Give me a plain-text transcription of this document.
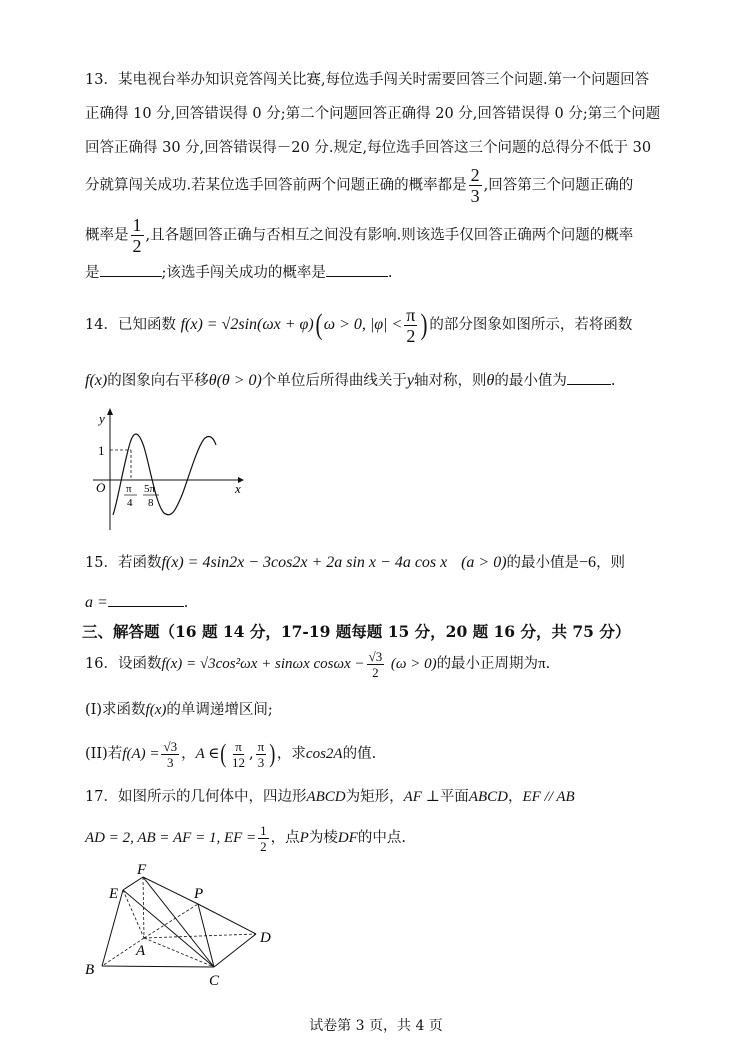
13．某电视台举办知识竞答闯关比赛,每位选手闯关时需要回答三个问题.第一个问题回答
正确得 10 分,回答错误得 0 分;第二个问题回答正确得 20 分,回答错误得 0 分;第三个问题
回答正确得 30 分,回答错误得－20 分.规定,每位选手回答这三个问题的总得分不低于 30
分就算闯关成功.若某位选手回答前两个问题正确的概率都是 $\frac{2}{3}$ ,回答第三个问题正确的
概率是 $\frac{1}{2}$ ,且各题回答正确与否相互之间没有影响.则该选手仅回答正确两个问题的概率
是	;该选手闯关成功的概率是	.
14．已知函数 f(x) = √2sin(ωx + φ)(ω > 0, $|\varphi| < \frac{\pi}{2}$ ) 的部分图象如图所示，若将函数
f(x)的图象向右平移θ(θ > 0)个单位后所得曲线关于y轴对称，则θ的最小值为	.
y
x
O
1
π
4
5π
8
15．若函数f(x) = 4sin2x − 3cos2x + 2a sin x − 4a cos x (a > 0)的最小值是−6，则
a =	.
三、解答题（16 题 14 分，17-19 题每题 15 分，20 题 16 分，共 75 分）
16．设函数f(x) = √3cos²ωx + sinωx $\cos\omega x - \frac{√3}{2} (\omega > 0)$的最小正周期为π.
(I)求函数f(x)的单调递增区间;
(II)若$f(A) = \frac{√3}{3}$ ，A ∈( $\frac{\pi}{12}$ , $\frac{\pi}{3}$ )，求cos2A的值.
17．如图所示的几何体中，四边形ABCD为矩形，AF ⊥平面ABCD，EF // AB
AD = 2, AB = AF = 1, EF = $\frac{1}{2}$ ，点P为棱DF的中点.
F
E	P
A
D
B
C
试卷第 3 页，共 4 页
